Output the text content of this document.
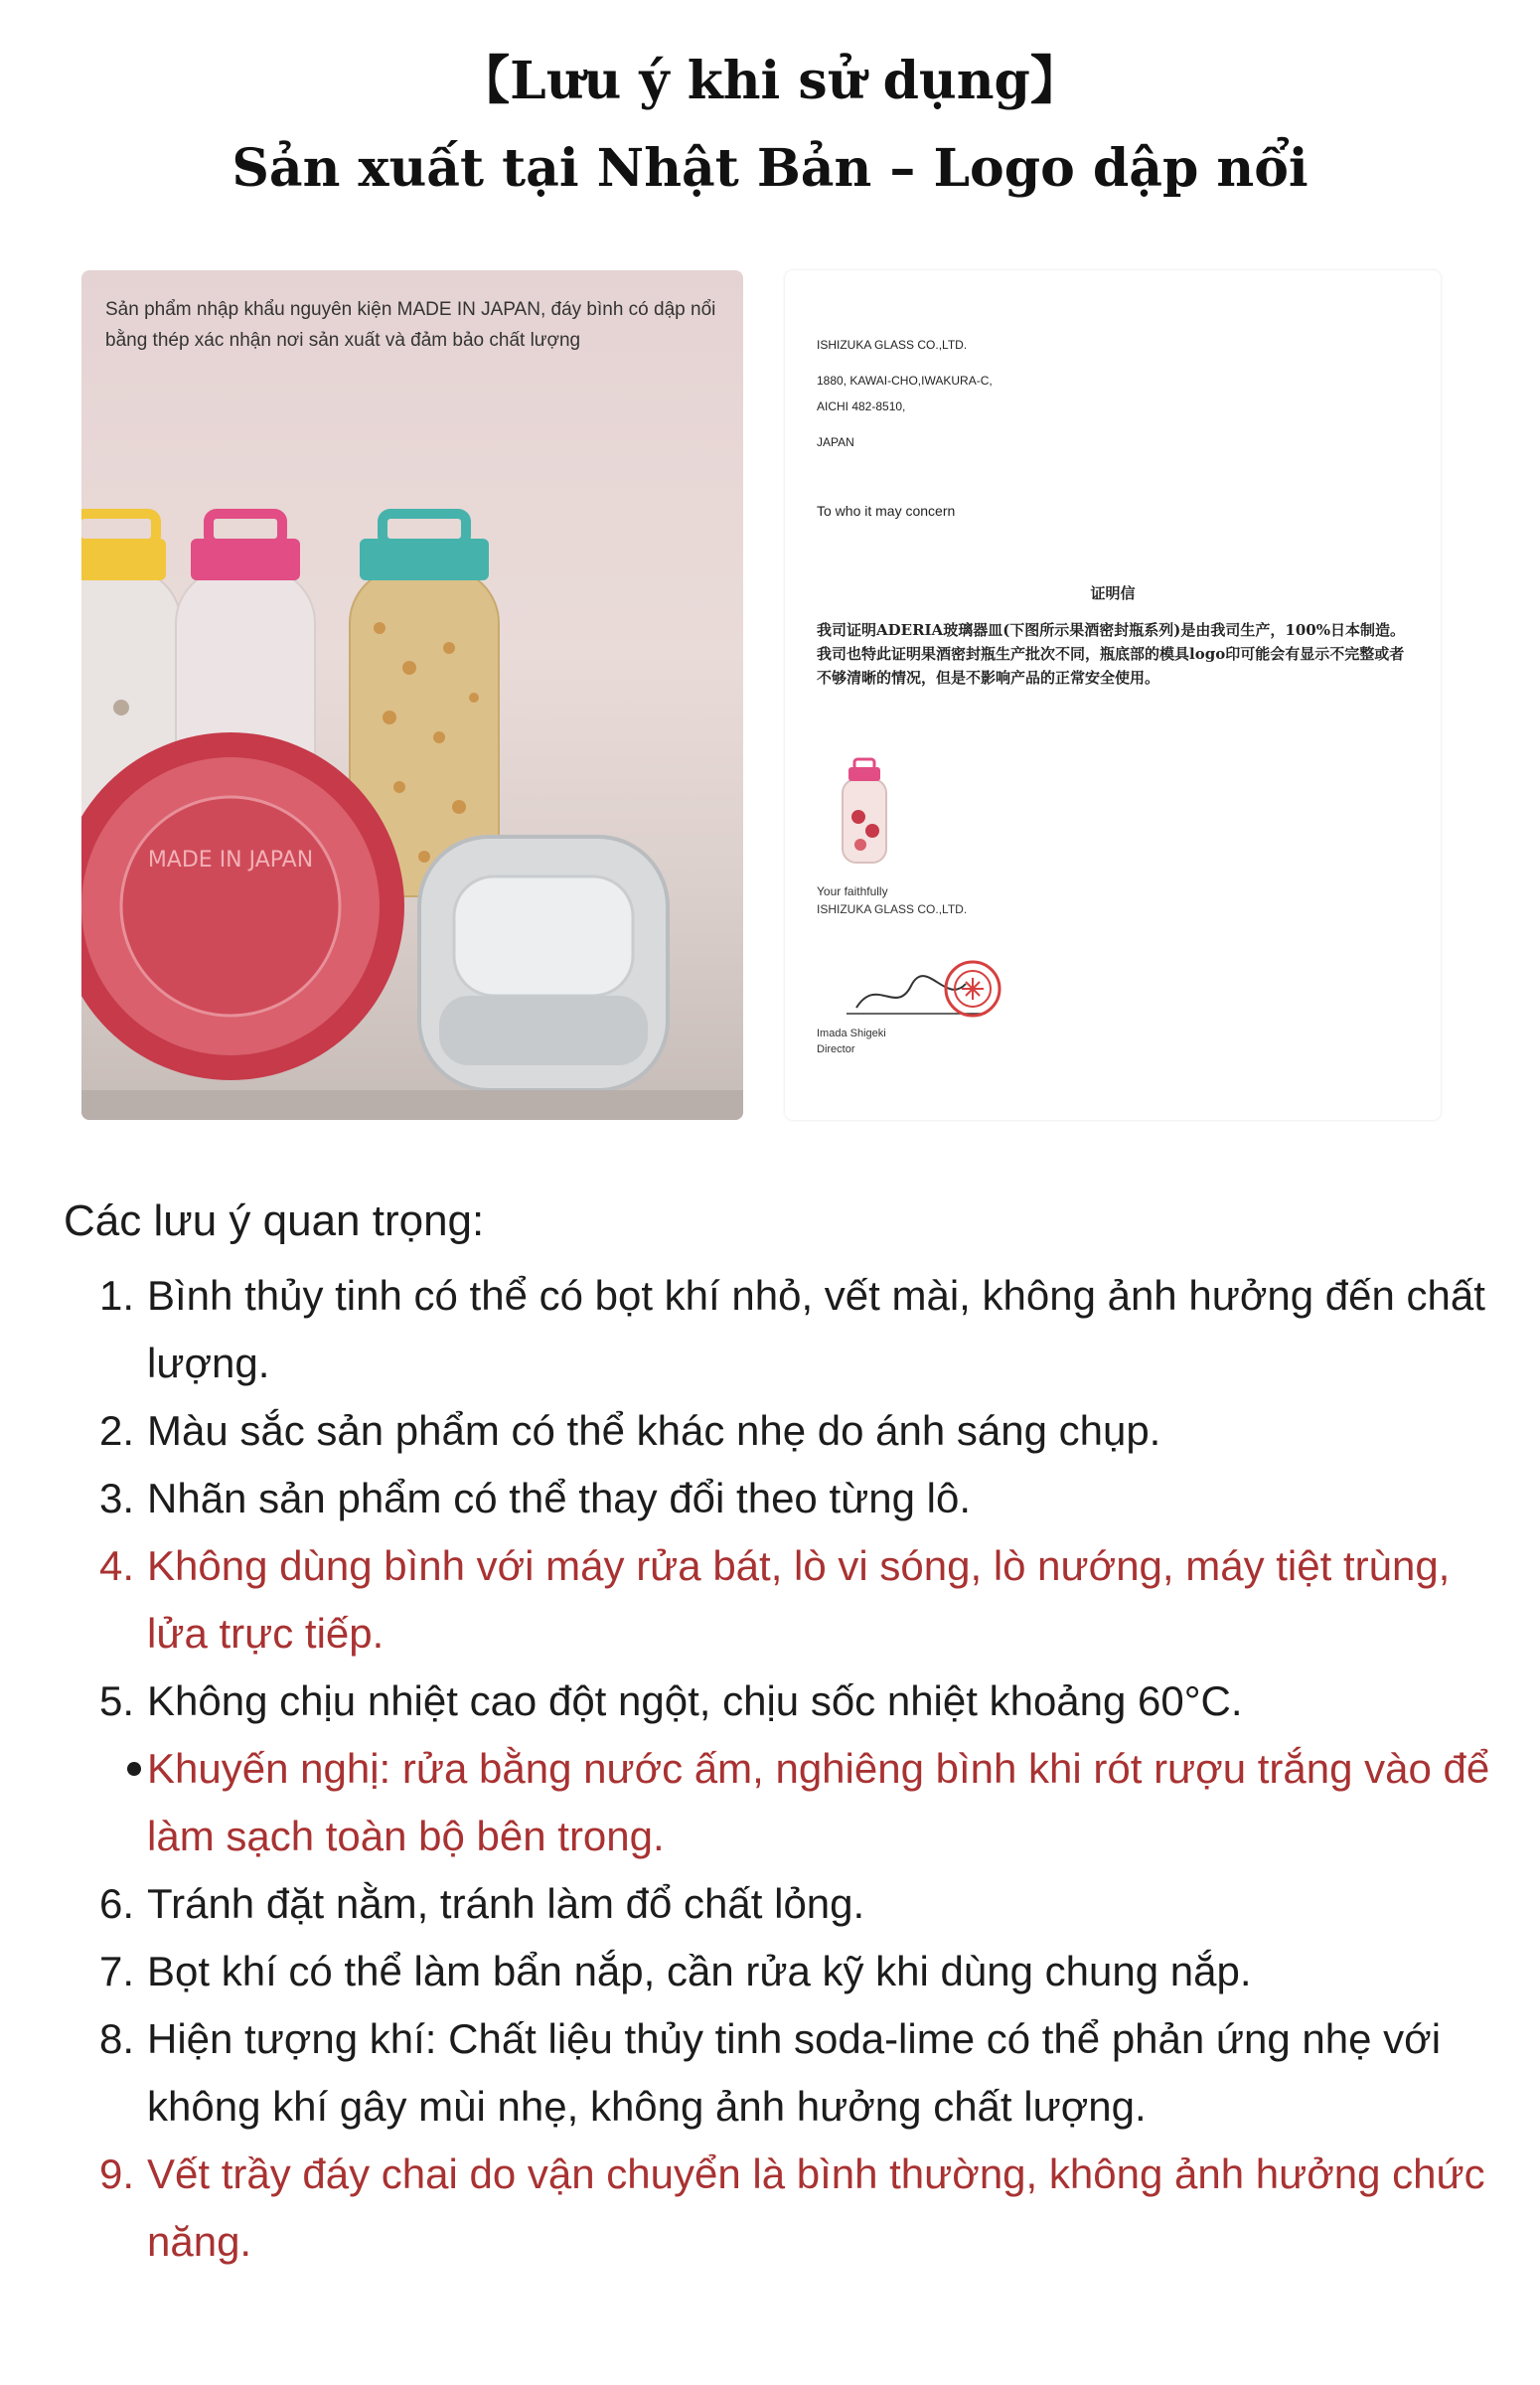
【Lưu ý khi sử dụng】
Sản xuất tại Nhật Bản – Logo dập nổi
Sản phẩm nhập khẩu nguyên kiện MADE IN JAPAN, đáy bình có dập nổi bằng thép xác nhận nơi sản xuất và đảm bảo chất lượng
MADE IN JAPAN
ISHIZUKA GLASS CO.,LTD.
1880, KAWAI-CHO,IWAKURA-C,
AICHI 482-8510,
JAPAN
To who it may concern
证明信
我司证明ADERIA玻璃器皿(下图所示果酒密封瓶系列)是由我司生产，100%日本制造。我司也特此证明果酒密封瓶生产批次不同，瓶底部的模具logo印可能会有显示不完整或者不够清晰的情况，但是不影响产品的正常安全使用。
Your faithfully
ISHIZUKA GLASS CO.,LTD.
Imada Shigeki
Director
Các lưu ý quan trọng:
1. Bình thủy tinh có thể có bọt khí nhỏ, vết mài, không ảnh hưởng đến chất lượng.
2. Màu sắc sản phẩm có thể khác nhẹ do ánh sáng chụp.
3. Nhãn sản phẩm có thể thay đổi theo từng lô.
4. Không dùng bình với máy rửa bát, lò vi sóng, lò nướng, máy tiệt trùng, lửa trực tiếp.
5. Không chịu nhiệt cao đột ngột, chịu sốc nhiệt khoảng 60°C.
Khuyến nghị: rửa bằng nước ấm, nghiêng bình khi rót rượu trắng vào để làm sạch toàn bộ bên trong.
6. Tránh đặt nằm, tránh làm đổ chất lỏng.
7. Bọt khí có thể làm bẩn nắp, cần rửa kỹ khi dùng chung nắp.
8. Hiện tượng khí: Chất liệu thủy tinh soda-lime có thể phản ứng nhẹ với không khí gây mùi nhẹ, không ảnh hưởng chất lượng.
9. Vết trầy đáy chai do vận chuyển là bình thường, không ảnh hưởng chức năng.
